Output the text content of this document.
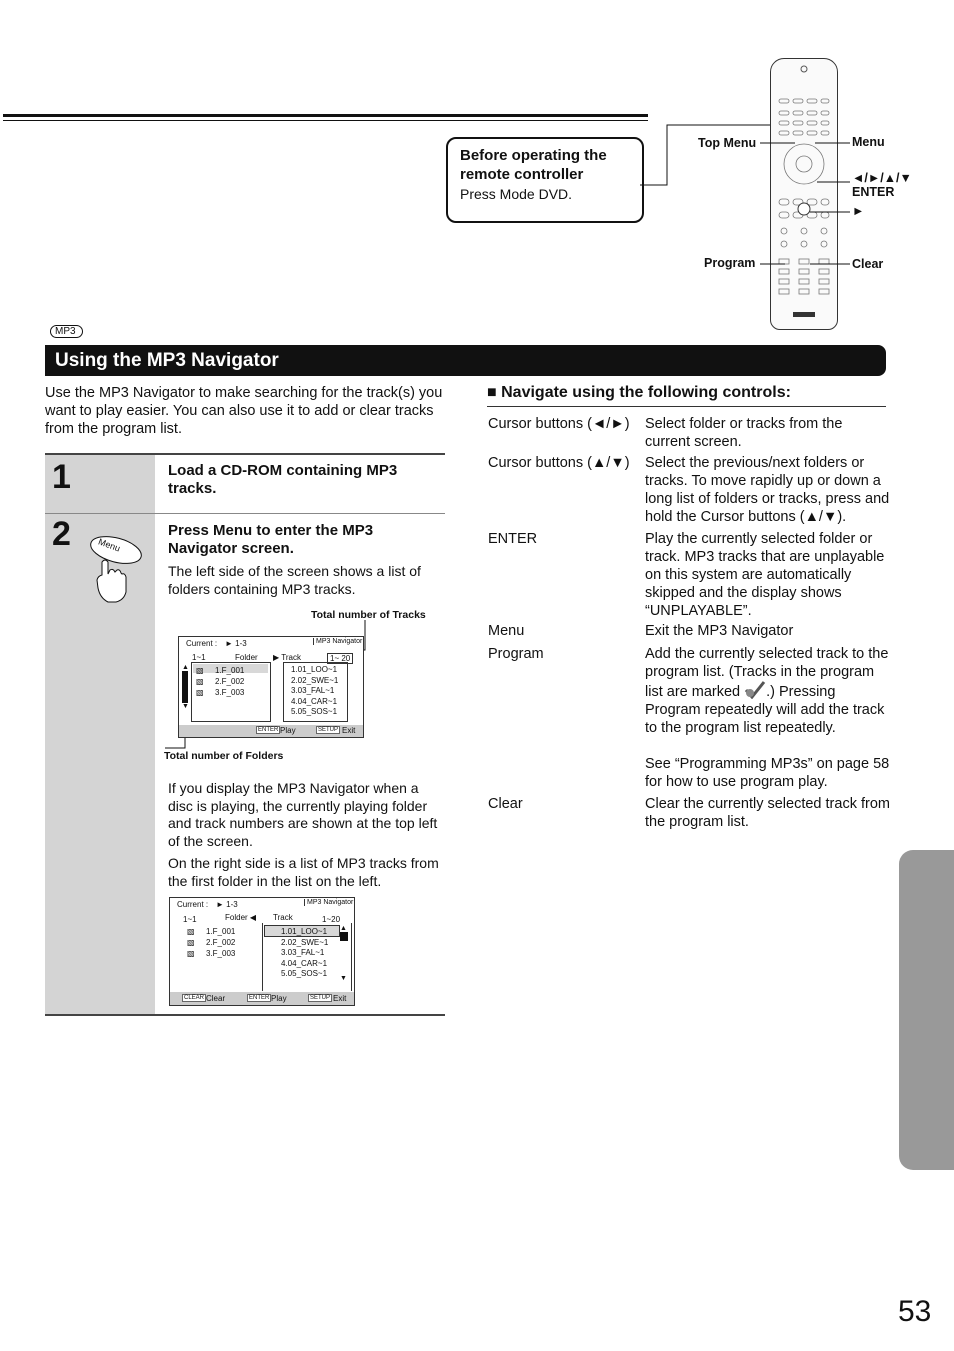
Before operating the remote controller
Press Mode DVD.
Top Menu
Program
Menu
◄/►/▲/▼
ENTER
►
Clear
MP3
Using the MP3 Navigator
Use the MP3 Navigator to make searching for the track(s) you want to play easier. You can also use it to add or clear tracks from the program list.
1	Load a CD-ROM containing MP3 tracks.
2	Menu
Press Menu to enter the MP3 Navigator screen.
The left side of the screen shows a list of folders containing MP3 tracks.
Total number of Tracks
Total number of Folders
Current : ► 1-3	MP3 Navigator
1~1	Folder ▶ Track	1~ 20
▲
▼
▧
▧
▧
1.F_001
2.F_002
3.F_003
1.01_LOO~1
2.02_SWE~1
3.03_FAL~1
4.04_CAR~1
5.05_SOS~1
ENTER Play	SETUP Exit
If you display the MP3 Navigator when a disc is playing, the currently playing folder and track numbers are shown at the top left of the screen.
On the right side is a list of MP3 tracks from the first folder in the list on the left.
Current : ► 1-3	MP3 Navigator
1~1	Folder ◀ Track	1~20
▧
▧
▧
1.F_001
2.F_002
3.F_003
1.01_LOO~1
2.02_SWE~1
3.03_FAL~1
4.04_CAR~1
5.05_SOS~1
▲
▼
CLEAR Clear	ENTER Play	SETUP Exit
■ Navigate using the following controls:
Cursor buttons (◄/►) Select folder or tracks from the current screen.
Cursor buttons (▲/▼) Select the previous/next folders or tracks. To move rapidly up or down a long list of folders or tracks, press and hold the Cursor buttons (▲/▼).
ENTER	Play the currently selected folder or track. MP3 tracks that are unplayable on this system are automatically skipped and the display shows “UNPLAYABLE”.
Menu	Exit the MP3 Navigator
Program	Add the currently selected track to the program list. (Tracks in the program list are marked .) Pressing Program repeatedly will add the track to the program list repeatedly.
See “Programming MP3s” on page 58 for how to use program play.
Clear	Clear the currently selected track from the program list.
53
